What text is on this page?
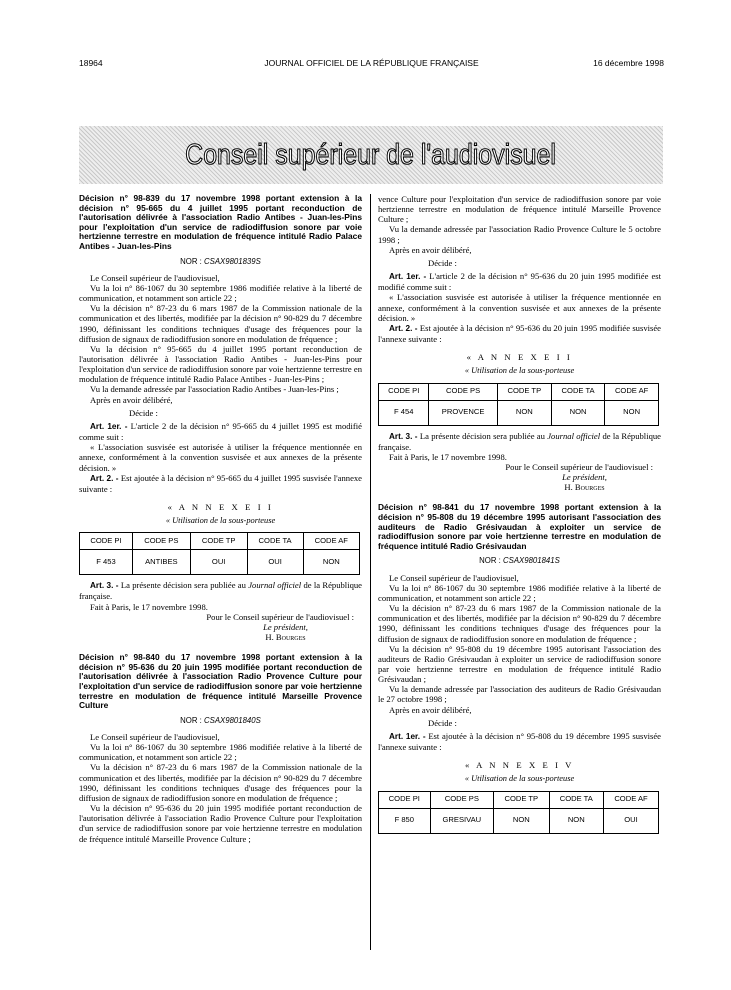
18964	JOURNAL OFFICIEL DE LA RÉPUBLIQUE FRANÇAISE	16 décembre 1998
Conseil supérieur de l'audiovisuel

Décision n° 98-839 du 17 novembre 1998 portant extension à la décision n° 95-665 du 4 juillet 1995 portant reconduction de l'autorisation délivrée à l'association Radio Antibes - Juan-les-Pins pour l'exploitation d'un service de radiodiffusion sonore par voie hertzienne terrestre en modulation de fréquence intitulé Radio Palace Antibes - Juan-les-Pins

NOR : CSAX9801839S

Le Conseil supérieur de l'audiovisuel,

Vu la loi n° 86-1067 du 30 septembre 1986 modifiée relative à la liberté de communication, et notamment son article 22 ;

Vu la décision n° 87-23 du 6 mars 1987 de la Commission nationale de la communication et des libertés, modifiée par la décision n° 90-829 du 7 décembre 1990, définissant les conditions techniques d'usage des fréquences pour la diffusion de signaux de radiodiffusion sonore en modulation de fréquence ;

Vu la décision n° 95-665 du 4 juillet 1995 portant reconduction de l'autorisation délivrée à l'association Radio Antibes - Juan-les-Pins pour l'exploitation d'un service de radiodiffusion sonore par voie hertzienne terrestre en modulation de fréquence intitulé Radio Palace Antibes - Juan-les-Pins ;

Vu la demande adressée par l'association Radio Antibes - Juan-les-Pins ;

Après en avoir délibéré,

Décide :

Art. 1er. - L'article 2 de la décision n° 95-665 du 4 juillet 1995 est modifié comme suit :

« L'association susvisée est autorisée à utiliser la fréquence mentionnée en annexe, conformément à la convention susvisée et aux annexes de la présente décision. »

Art. 2. - Est ajoutée à la décision n° 95-665 du 4 juillet 1995 susvisée l'annexe suivante :

« A N N E X E I I
« Utilisation de la sous-porteuse
CODE PI	CODE PS	CODE TP	CODE TA	CODE AF
F 453	ANTIBES	OUI	OUI	NON

Art. 3. - La présente décision sera publiée au Journal officiel de la République française.

Fait à Paris, le 17 novembre 1998.

Pour le Conseil supérieur de l'audiovisuel :

Le président,

H. Bourges

Décision n° 98-840 du 17 novembre 1998 portant extension à la décision n° 95-636 du 20 juin 1995 modifiée portant reconduction de l'autorisation délivrée à l'association Radio Provence Culture pour l'exploitation d'un service de radiodiffusion sonore par voie hertzienne terrestre en modulation de fréquence intitulé Marseille Provence Culture

NOR : CSAX9801840S

Le Conseil supérieur de l'audiovisuel,

Vu la loi n° 86-1067 du 30 septembre 1986 modifiée relative à la liberté de communication, et notamment son article 22 ;

Vu la décision n° 87-23 du 6 mars 1987 de la Commission nationale de la communication et des libertés, modifiée par la décision n° 90-829 du 7 décembre 1990, définissant les conditions techniques d'usage des fréquences pour la diffusion de signaux de radiodiffusion sonore en modulation de fréquence ;

Vu la décision n° 95-636 du 20 juin 1995 modifiée portant reconduction de l'autorisation délivrée à l'association Radio Provence Culture pour l'exploitation d'un service de radiodiffusion sonore par voie hertzienne terrestre en modulation de fréquence intitulé Marseille Provence Culture ;

vence Culture pour l'exploitation d'un service de radiodiffusion sonore par voie hertzienne terrestre en modulation de fréquence intitulé Marseille Provence Culture ;

Vu la demande adressée par l'association Radio Provence Culture le 5 octobre 1998 ;

Après en avoir délibéré,

Décide :

Art. 1er. - L'article 2 de la décision n° 95-636 du 20 juin 1995 modifiée est modifié comme suit :

« L'association susvisée est autorisée à utiliser la fréquence mentionnée en annexe, conformément à la convention susvisée et aux annexes de la présente décision. »

Art. 2. - Est ajoutée à la décision n° 95-636 du 20 juin 1995 modifiée susvisée l'annexe suivante :

« A N N E X E I I
« Utilisation de la sous-porteuse
CODE PI	CODE PS	CODE TP	CODE TA	CODE AF
F 454	PROVENCE	NON	NON	NON

Art. 3. - La présente décision sera publiée au Journal officiel de la République française.

Fait à Paris, le 17 novembre 1998.

Pour le Conseil supérieur de l'audiovisuel :

Le président,

H. Bourges

Décision n° 98-841 du 17 novembre 1998 portant extension à la décision n° 95-808 du 19 décembre 1995 autorisant l'association des auditeurs de Radio Grésivaudan à exploiter un service de radiodiffusion sonore par voie hertzienne terrestre en modulation de fréquence intitulé Radio Grésivaudan

NOR : CSAX9801841S

Le Conseil supérieur de l'audiovisuel,

Vu la loi n° 86-1067 du 30 septembre 1986 modifiée relative à la liberté de communication, et notamment son article 22 ;

Vu la décision n° 87-23 du 6 mars 1987 de la Commission nationale de la communication et des libertés, modifiée par la décision n° 90-829 du 7 décembre 1990, définissant les conditions techniques d'usage des fréquences pour la diffusion de signaux de radiodiffusion sonore en modulation de fréquence ;

Vu la décision n° 95-808 du 19 décembre 1995 autorisant l'association des auditeurs de Radio Grésivaudan à exploiter un service de radiodiffusion sonore par voie hertzienne terrestre en modulation de fréquence intitulé Radio Grésivaudan ;

Vu la demande adressée par l'association des auditeurs de Radio Grésivaudan le 27 octobre 1998 ;

Après en avoir délibéré,

Décide :

Art. 1er. - Est ajoutée à la décision n° 95-808 du 19 décembre 1995 susvisée l'annexe suivante :

« A N N E X E I V
« Utilisation de la sous-porteuse
CODE PI	CODE PS	CODE TP	CODE TA	CODE AF
F 850	GRESIVAU	NON	NON	OUI
